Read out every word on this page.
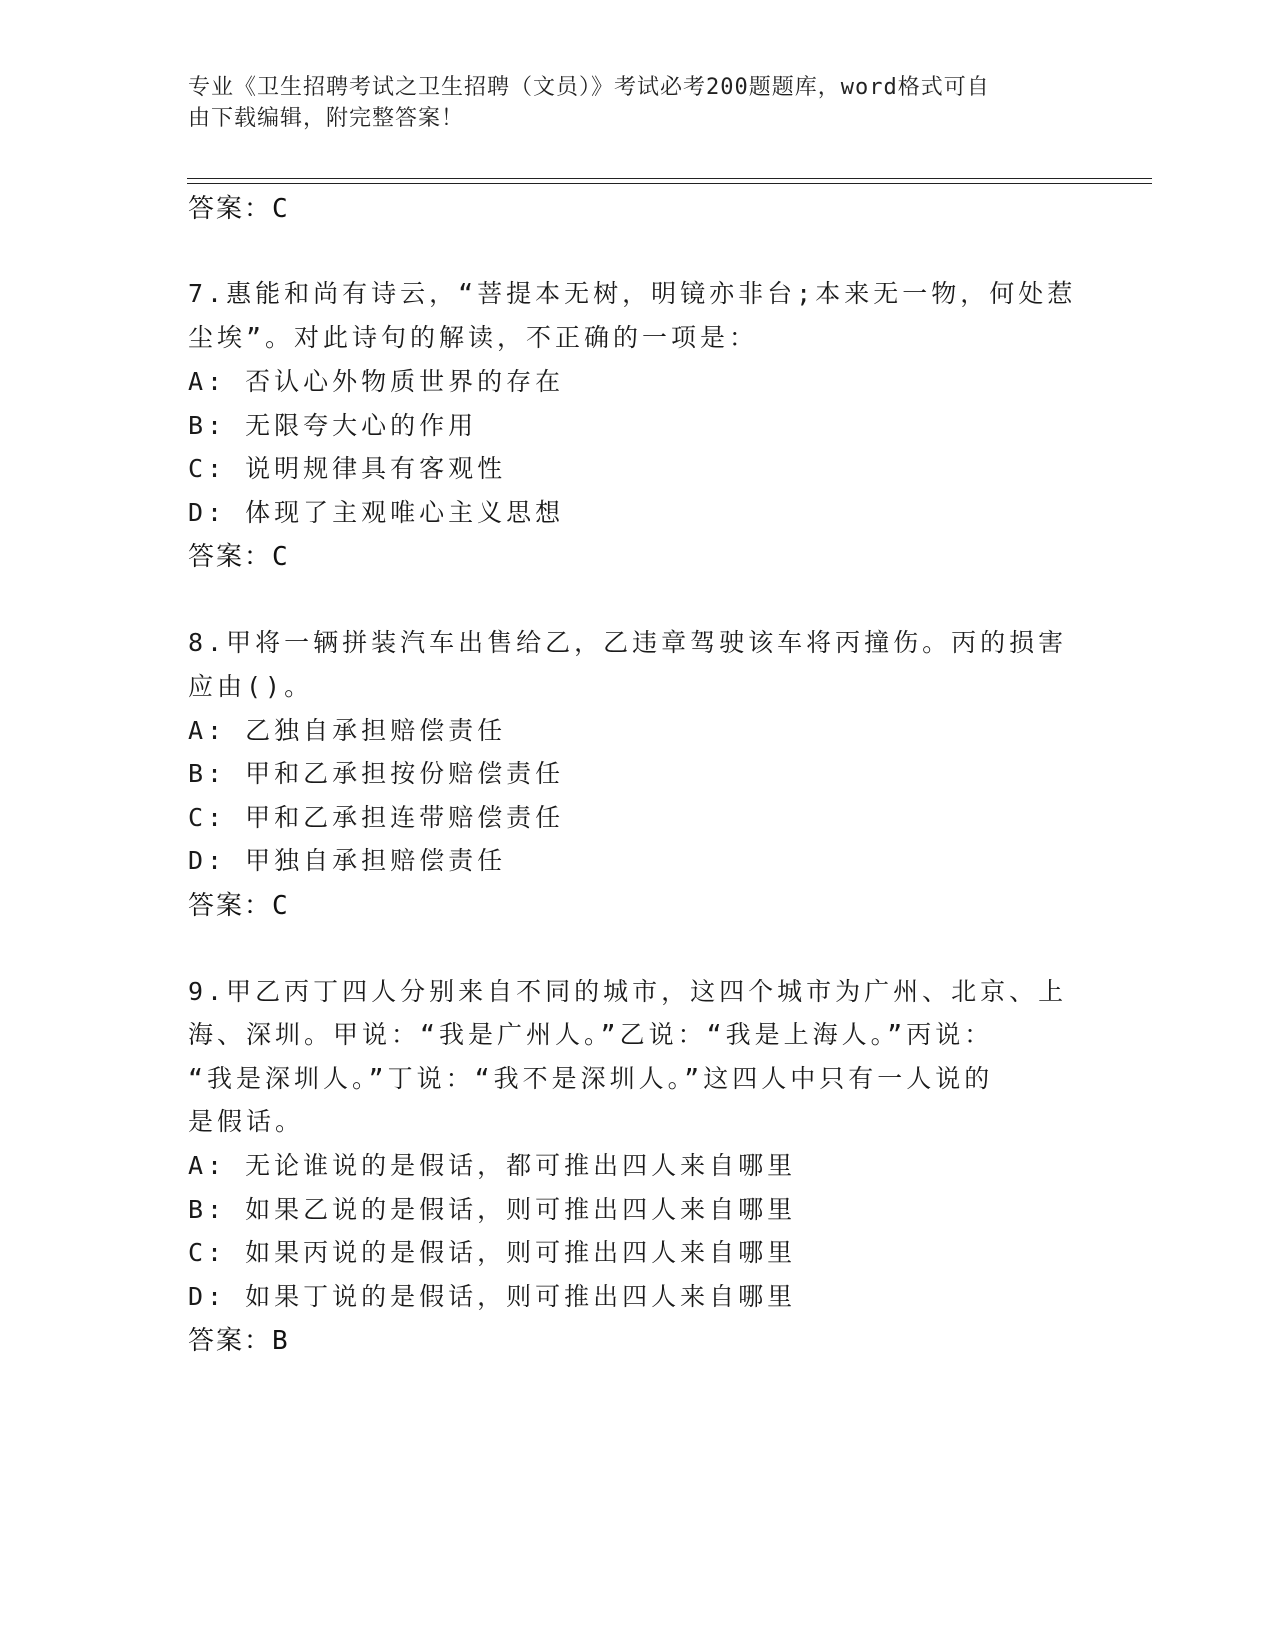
专业《卫生招聘考试之卫生招聘（文员）》考试必考200题题库，word格式可自
由下载编辑，附完整答案！
答案：C
7.惠能和尚有诗云，“菩提本无树，明镜亦非台;本来无一物，何处惹
尘埃”。对此诗句的解读，不正确的一项是：
A: 否认心外物质世界的存在
B: 无限夸大心的作用
C: 说明规律具有客观性
D: 体现了主观唯心主义思想
答案：C
8.甲将一辆拼装汽车出售给乙，乙违章驾驶该车将丙撞伤。丙的损害
应由()。
A: 乙独自承担赔偿责任
B: 甲和乙承担按份赔偿责任
C: 甲和乙承担连带赔偿责任
D: 甲独自承担赔偿责任
答案：C
9.甲乙丙丁四人分别来自不同的城市，这四个城市为广州、北京、上
海、深圳。甲说：“我是广州人。”乙说：“我是上海人。”丙说：
“我是深圳人。”丁说：“我不是深圳人。”这四人中只有一人说的
是假话。
A: 无论谁说的是假话，都可推出四人来自哪里
B: 如果乙说的是假话，则可推出四人来自哪里
C: 如果丙说的是假话，则可推出四人来自哪里
D: 如果丁说的是假话，则可推出四人来自哪里
答案：B
